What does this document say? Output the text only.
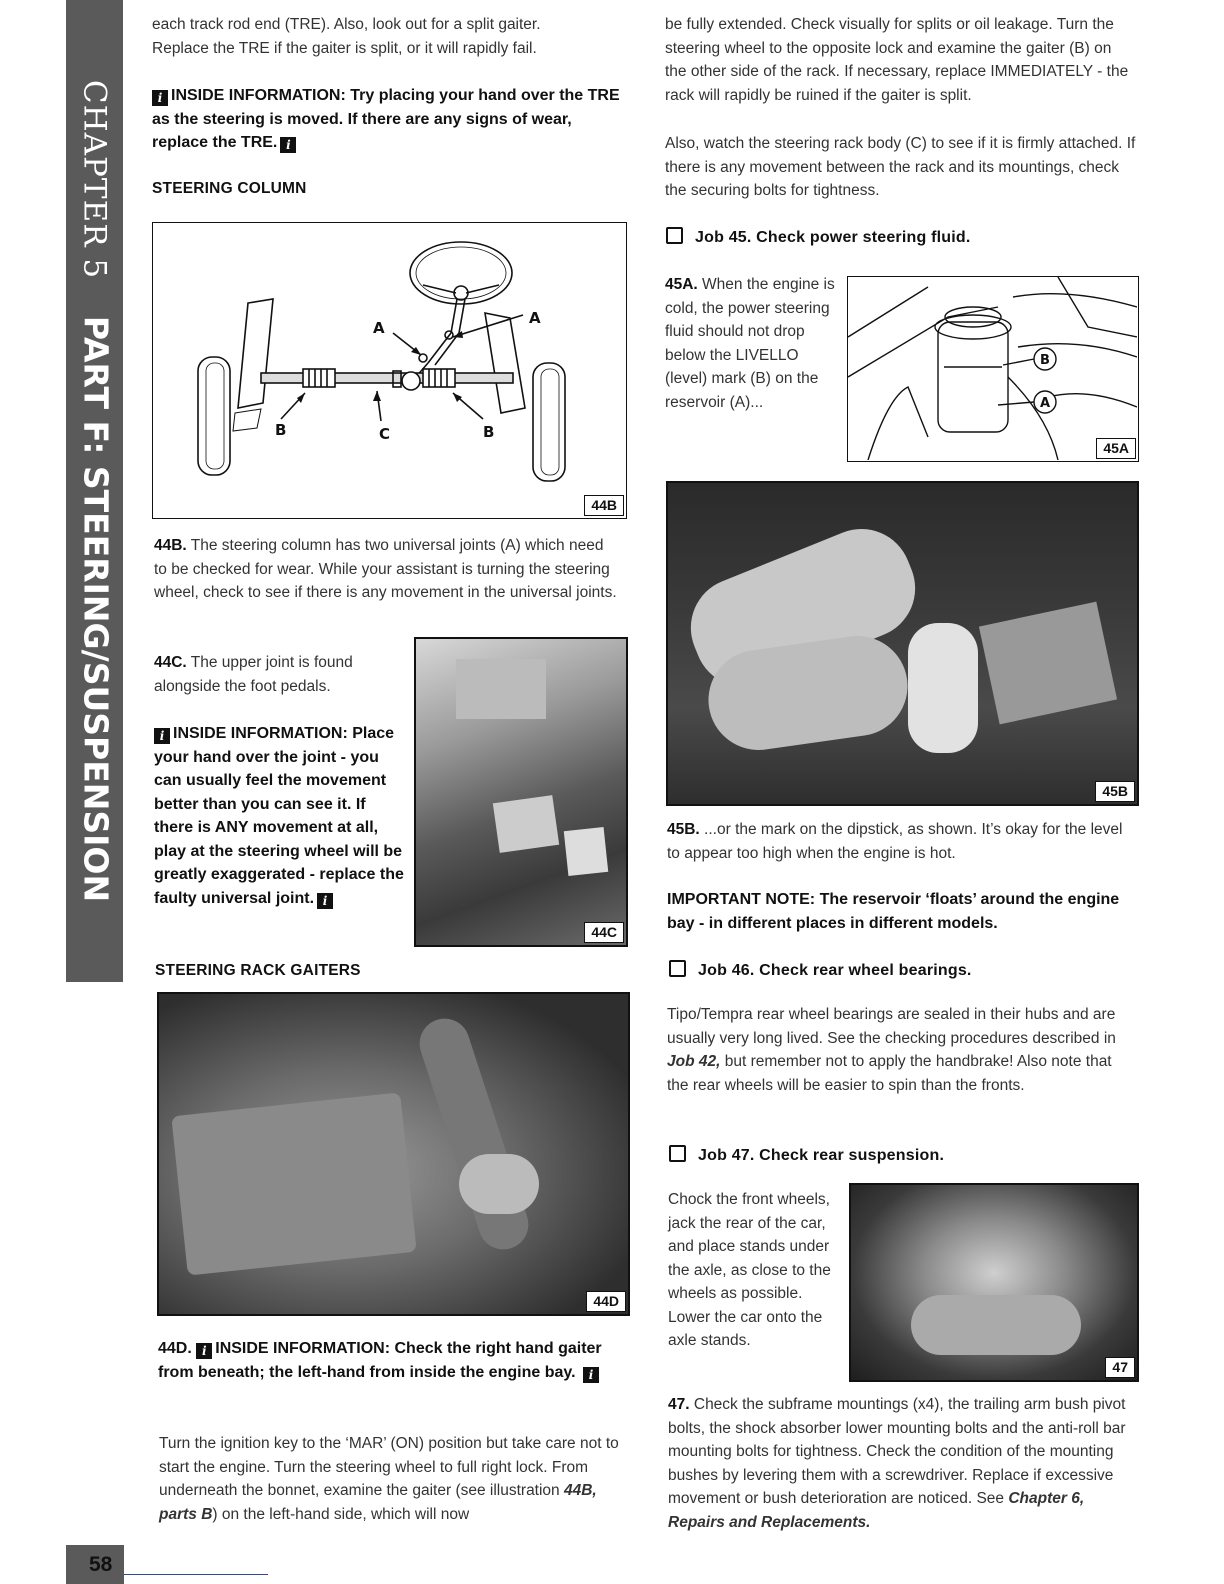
CHAPTER 5    PART F: STEERING/SUSPENSION
58
each track rod end (TRE). Also, look out for a split gaiter. Replace the TRE if the gaiter is split, or it will rapidly fail.
i INSIDE INFORMATION: Try placing your hand over the TRE as the steering is moved. If there are any signs of wear, replace the TRE. i
STEERING COLUMN
A
A
B	C	B
44B
44B. The steering column has two universal joints (A) which need to be checked for wear. While your assistant is turning the steering wheel, check to see if there is any movement in the universal joints.
44C. The upper joint is found alongside the foot pedals.
i INSIDE INFORMATION: Place your hand over the joint - you can usually feel the movement better than you can see it. If there is ANY movement at all, play at the steering wheel will be greatly exaggerated - replace the faulty universal joint. i
44C
STEERING RACK GAITERS
44D
44D. i INSIDE INFORMATION: Check the right hand gaiter from beneath; the left-hand from inside the engine bay. i
Turn the ignition key to the ‘MAR’ (ON) position but take care not to start the engine. Turn the steering wheel to full right lock. From underneath the bonnet, examine the gaiter (see illustration 44B, parts B) on the left-hand side, which will now
be fully extended. Check visually for splits or oil leakage. Turn the steering wheel to the opposite lock and examine the gaiter (B) on the other side of the rack. If necessary, replace IMMEDIATELY - the rack will rapidly be ruined if the gaiter is split.
Also, watch the steering rack body (C) to see if it is firmly attached. If there is any movement between the rack and its mountings, check the securing bolts for tightness.
Job 45. Check power steering fluid.
45A. When the engine is cold, the power steering fluid should not drop below the LIVELLO (level) mark (B) on the reservoir (A)...
B
A
45A
45B
45B. ...or the mark on the dipstick, as shown. It’s okay for the level to appear too high when the engine is hot.
IMPORTANT NOTE: The reservoir ‘floats’ around the engine bay - in different places in different models.
Job 46. Check rear wheel bearings.
Tipo/Tempra rear wheel bearings are sealed in their hubs and are usually very long lived. See the checking procedures described in Job 42, but remember not to apply the handbrake! Also note that the rear wheels will be easier to spin than the fronts.
Job 47. Check rear suspension.
Chock the front wheels, jack the rear of the car, and place stands under the axle, as close to the wheels as possible. Lower the car onto the axle stands.
47
47. Check the subframe mountings (x4), the trailing arm bush pivot bolts, the shock absorber lower mounting bolts and the anti-roll bar mounting bolts for tightness. Check the condition of the mounting bushes by levering them with a screwdriver. Replace if excessive movement or bush deterioration are noticed. See Chapter 6, Repairs and Replacements.
